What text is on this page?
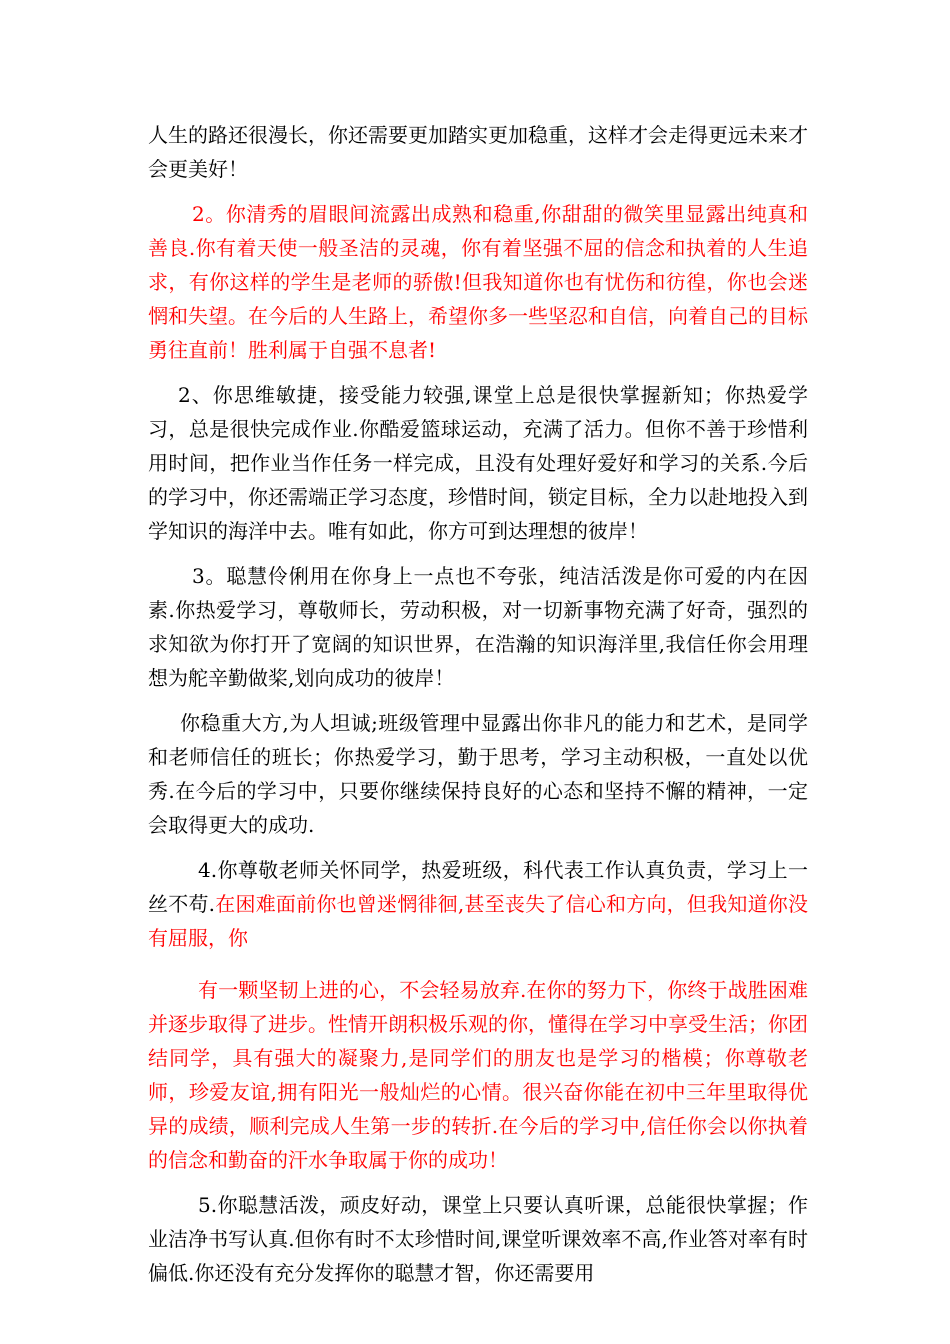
人生的路还很漫长，你还需要更加踏实更加稳重，这样才会走得更远未来才会更美好！

2。你清秀的眉眼间流露出成熟和稳重,你甜甜的微笑里显露出纯真和善良.你有着天使一般圣洁的灵魂，你有着坚强不屈的信念和执着的人生追求，有你这样的学生是老师的骄傲!但我知道你也有忧伤和彷徨，你也会迷惘和失望。在今后的人生路上，希望你多一些坚忍和自信，向着自己的目标勇往直前！胜利属于自强不息者!

2、你思维敏捷，接受能力较强,课堂上总是很快掌握新知；你热爱学习，总是很快完成作业.你酷爱篮球运动，充满了活力。但你不善于珍惜利用时间，把作业当作任务一样完成，且没有处理好爱好和学习的关系.今后的学习中，你还需端正学习态度，珍惜时间，锁定目标，全力以赴地投入到学知识的海洋中去。唯有如此，你方可到达理想的彼岸！

3。聪慧伶俐用在你身上一点也不夸张，纯洁活泼是你可爱的内在因素.你热爱学习，尊敬师长，劳动积极，对一切新事物充满了好奇，强烈的求知欲为你打开了宽阔的知识世界，在浩瀚的知识海洋里,我信任你会用理想为舵辛勤做桨,划向成功的彼岸！

你稳重大方,为人坦诚;班级管理中显露出你非凡的能力和艺术，是同学和老师信任的班长；你热爱学习，勤于思考，学习主动积极，一直处以优秀.在今后的学习中，只要你继续保持良好的心态和坚持不懈的精神，一定会取得更大的成功.

4.你尊敬老师关怀同学，热爱班级，科代表工作认真负责，学习上一丝不苟.在困难面前你也曾迷惘徘徊,甚至丧失了信心和方向，但我知道你没有屈服，你

有一颗坚韧上进的心，不会轻易放弃.在你的努力下，你终于战胜困难并逐步取得了进步。性情开朗积极乐观的你，懂得在学习中享受生活；你团结同学，具有强大的凝聚力,是同学们的朋友也是学习的楷模；你尊敬老师，珍爱友谊,拥有阳光一般灿烂的心情。很兴奋你能在初中三年里取得优异的成绩，顺利完成人生第一步的转折.在今后的学习中,信任你会以你执着的信念和勤奋的汗水争取属于你的成功！

5.你聪慧活泼，顽皮好动，课堂上只要认真听课，总能很快掌握；作业洁净书写认真.但你有时不太珍惜时间,课堂听课效率不高,作业答对率有时偏低.你还没有充分发挥你的聪慧才智，你还需要用
